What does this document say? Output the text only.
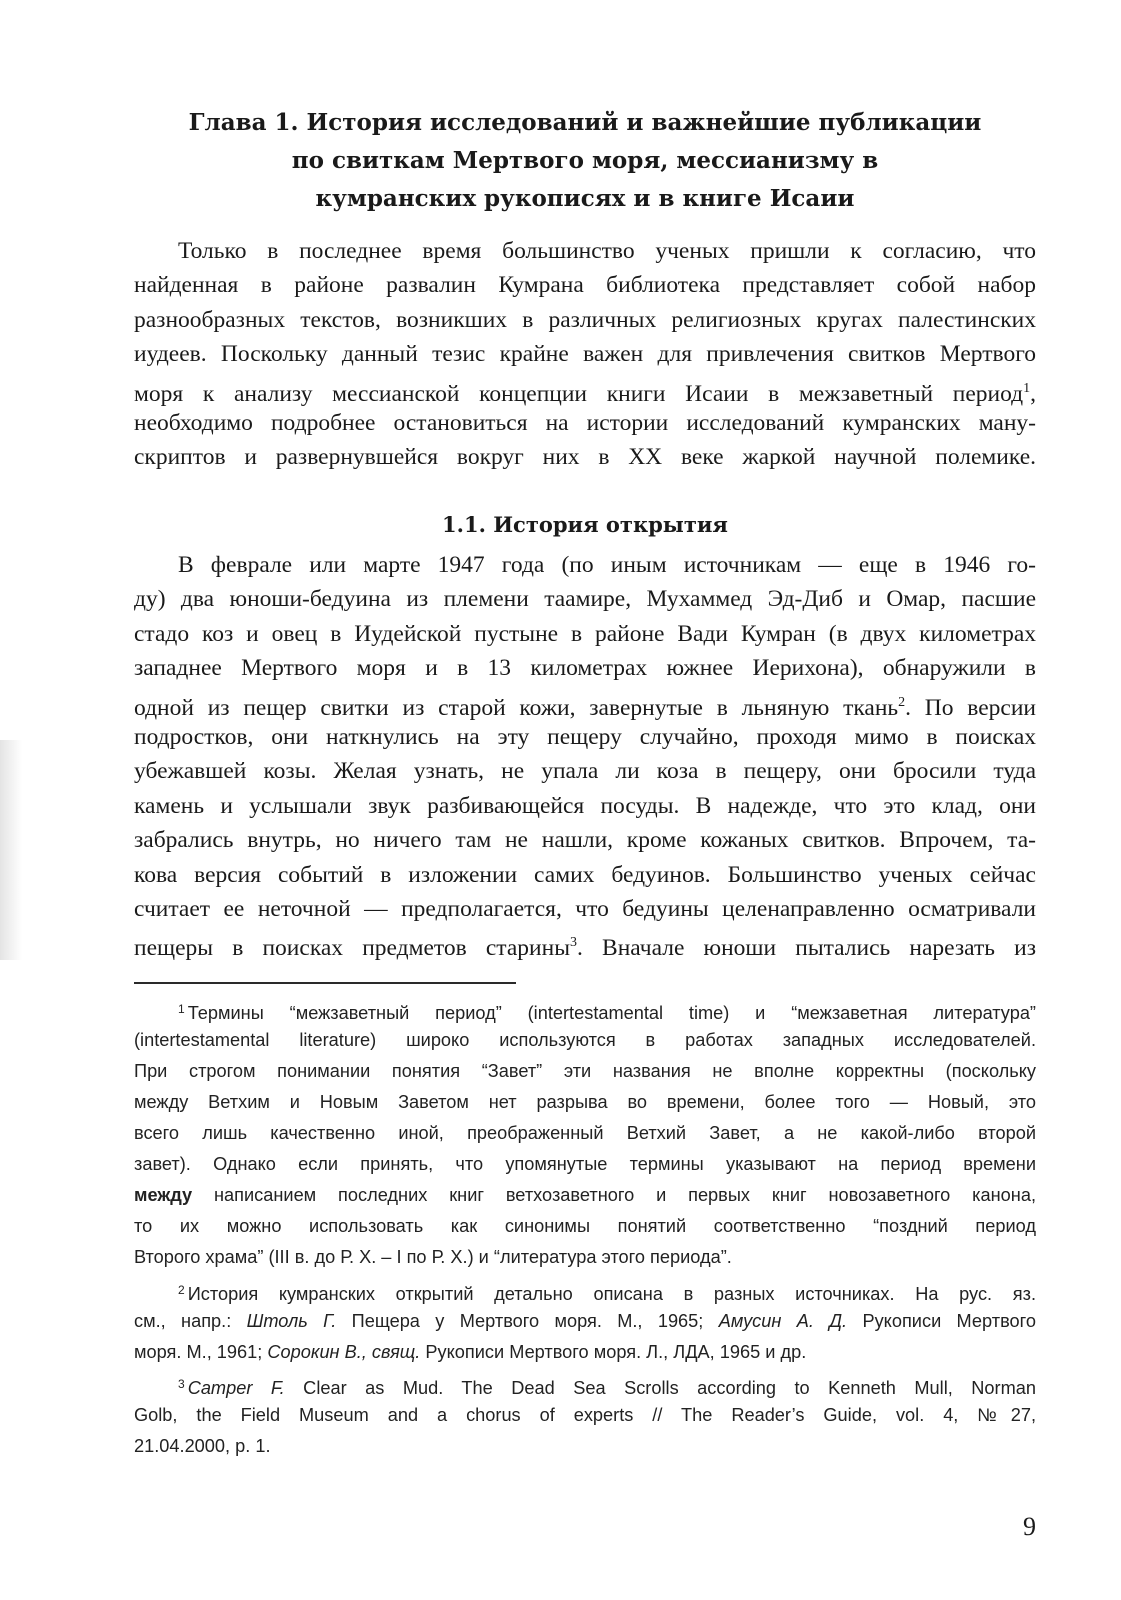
Глава 1. История исследований и важнейшие публикации
по свиткам Мертвого моря, мессианизму в
кумранских рукописях и в книге Исаии
Только в последнее время большинство ученых пришли к согласию, что
найденная в районе развалин Кумрана библиотека представляет собой набор
разнообразных текстов, возникших в различных религиозных кругах палестинских
иудеев. Поскольку данный тезис крайне важен для привлечения свитков Мертвого
моря к анализу мессианской концепции книги Исаии в межзаветный период$^1$,
необходимо подробнее остановиться на истории исследований кумранских ману-
скриптов и развернувшейся вокруг них в XX веке жаркой научной полемике.
1.1. История открытия
В феврале или марте 1947 года (по иным источникам — еще в 1946 го-
ду) два юноши-бедуина из племени таамире, Мухаммед Эд-Диб и Омар, пасшие
стадо коз и овец в Иудейской пустыне в районе Вади Кумран (в двух километрах
западнее Мертвого моря и в 13 километрах южнее Иерихона), обнаружили в
одной из пещер свитки из старой кожи, завернутые в льняную ткань$^2$. По версии
подростков, они наткнулись на эту пещеру случайно, проходя мимо в поисках
убежавшей козы. Желая узнать, не упала ли коза в пещеру, они бросили туда
камень и услышали звук разбивающейся посуды. В надежде, что это клад, они
забрались внутрь, но ничего там не нашли, кроме кожаных свитков. Впрочем, та-
кова версия событий в изложении самих бедуинов. Большинство ученых сейчас
считает ее неточной — предполагается, что бедуины целенаправленно осматривали
пещеры в поисках предметов старины$^3$. Вначале юноши пытались нарезать из
$^1$ Термины “межзаветный период” (intertestamental time) и “межзаветная литература”
(intertestamental literature) широко используются в работах западных исследователей.
При строгом понимании понятия “Завет” эти названия не вполне корректны (поскольку
между Ветхим и Новым Заветом нет разрыва во времени, более того — Новый, это
всего лишь качественно иной, преображенный Ветхий Завет, а не какой-либо второй
завет). Однако если принять, что упомянутые термины указывают на период времени
между написанием последних книг ветхозаветного и первых книг новозаветного канона,
то их можно использовать как синонимы понятий соответственно “поздний период
Второго храма” (III в. до Р. Х. – I по Р. Х.) и “литература этого периода”.
$^2$ История кумранских открытий детально описана в разных источниках. На рус. яз.
см., напр.: Штоль Г. Пещера у Мертвого моря. М., 1965; Амусин А. Д. Рукописи Мертвого
моря. М., 1961; Сорокин В., свящ. Рукописи Мертвого моря. Л., ЛДА, 1965 и др.
$^3$ Camper F. Clear as Mud. The Dead Sea Scrolls according to Kenneth Mull, Norman
Golb, the Field Museum and a chorus of experts // The Reader’s Guide, vol. 4, №27,
21.04.2000, p. 1.
9
